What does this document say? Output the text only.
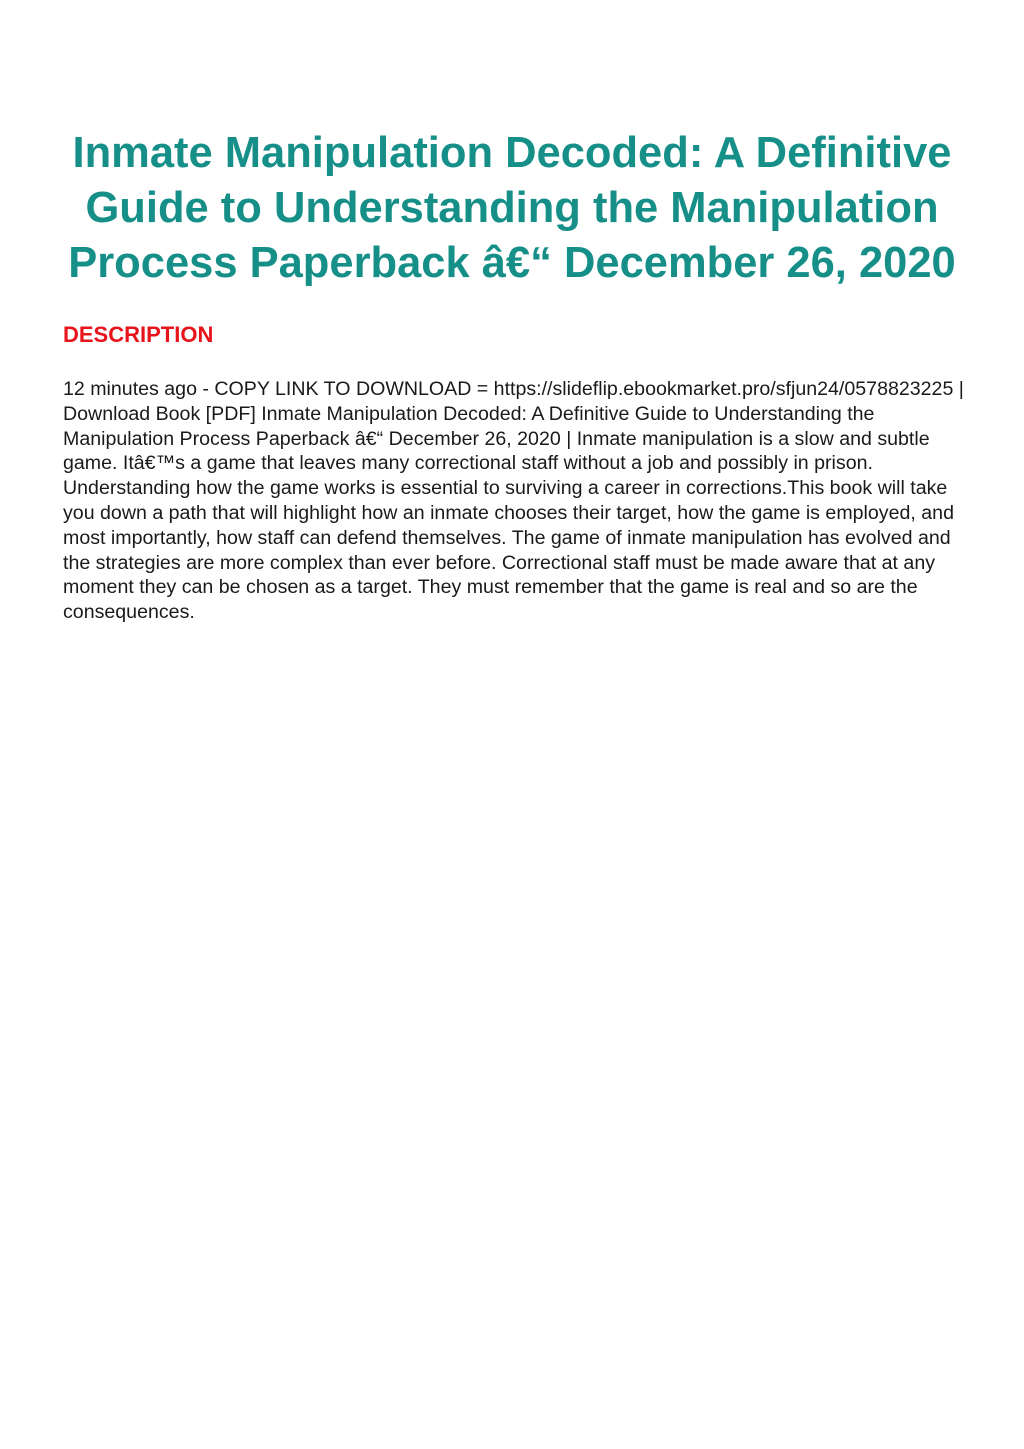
Inmate Manipulation Decoded: A Definitive Guide to Understanding the Manipulation Process Paperback â€“ December 26, 2020
DESCRIPTION

12 minutes ago - COPY LINK TO DOWNLOAD = https://slideflip.ebookmarket.pro/sfjun24/0578823225 | Download Book [PDF] Inmate Manipulation Decoded: A Definitive Guide to Understanding the Manipulation Process Paperback â€“ December 26, 2020 | Inmate manipulation is a slow and subtle game. Itâ€™s a game that leaves many correctional staff without a job and possibly in prison. Understanding how the game works is essential to surviving a career in corrections.This book will take you down a path that will highlight how an inmate chooses their target, how the game is employed, and most importantly, how staff can defend themselves. The game of inmate manipulation has evolved and the strategies are more complex than ever before. Correctional staff must be made aware that at any moment they can be chosen as a target. They must remember that the game is real and so are the consequences.
